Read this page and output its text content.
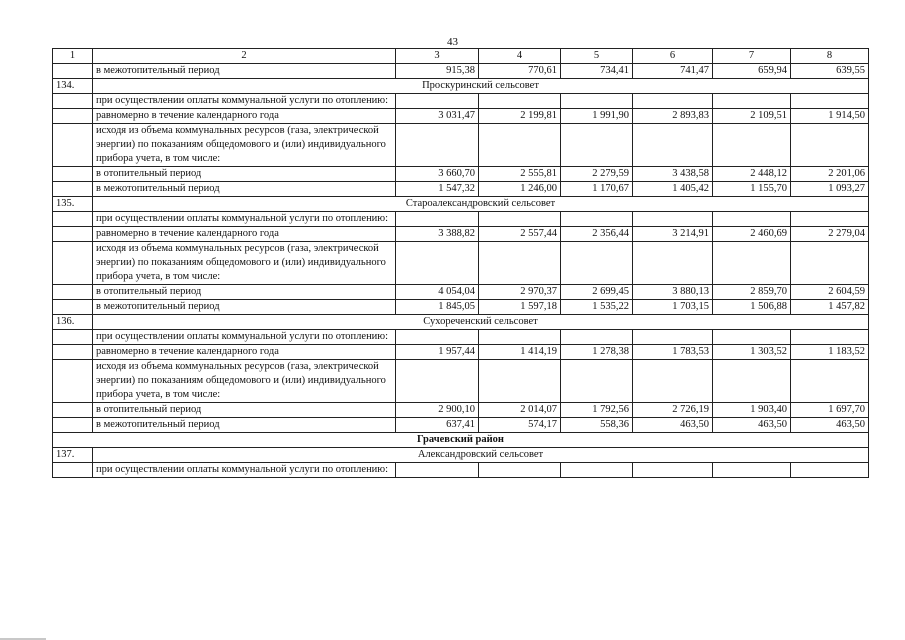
43
1	2	3	4	5	6	7	8
	в межотопительный период	915,38	770,61	734,41	741,47	659,94	639,55
134.	Проскуринский сельсовет						
	при осуществлении оплаты коммунальной услуги по отоплению:						
	равномерно в течение календарного года	3 031,47	2 199,81	1 991,90	2 893,83	2 109,51	1 914,50
	исходя из объема коммунальных ресурсов (газа, электрической энергии) по показаниям общедомового и (или) индивидуального прибора учета, в том числе:						
	в отопительный период	3 660,70	2 555,81	2 279,59	3 438,58	2 448,12	2 201,06
	в межотопительный период	1 547,32	1 246,00	1 170,67	1 405,42	1 155,70	1 093,27
135.	Староалександровский сельсовет						
	при осуществлении оплаты коммунальной услуги по отоплению:						
	равномерно в течение календарного года	3 388,82	2 557,44	2 356,44	3 214,91	2 460,69	2 279,04
	исходя из объема коммунальных ресурсов (газа, электрической энергии) по показаниям общедомового и (или) индивидуального прибора учета, в том числе:						
	в отопительный период	4 054,04	2 970,37	2 699,45	3 880,13	2 859,70	2 604,59
	в межотопительный период	1 845,05	1 597,18	1 535,22	1 703,15	1 506,88	1 457,82
136.	Сухореченский сельсовет						
	при осуществлении оплаты коммунальной услуги по отоплению:						
	равномерно в течение календарного года	1 957,44	1 414,19	1 278,38	1 783,53	1 303,52	1 183,52
	исходя из объема коммунальных ресурсов (газа, электрической энергии) по показаниям общедомового и (или) индивидуального прибора учета, в том числе:						
	в отопительный период	2 900,10	2 014,07	1 792,56	2 726,19	1 903,40	1 697,70
	в межотопительный период	637,41	574,17	558,36	463,50	463,50	463,50
Грачевский район							
137.	Александровский сельсовет						
	при осуществлении оплаты коммунальной услуги по отоплению:						
